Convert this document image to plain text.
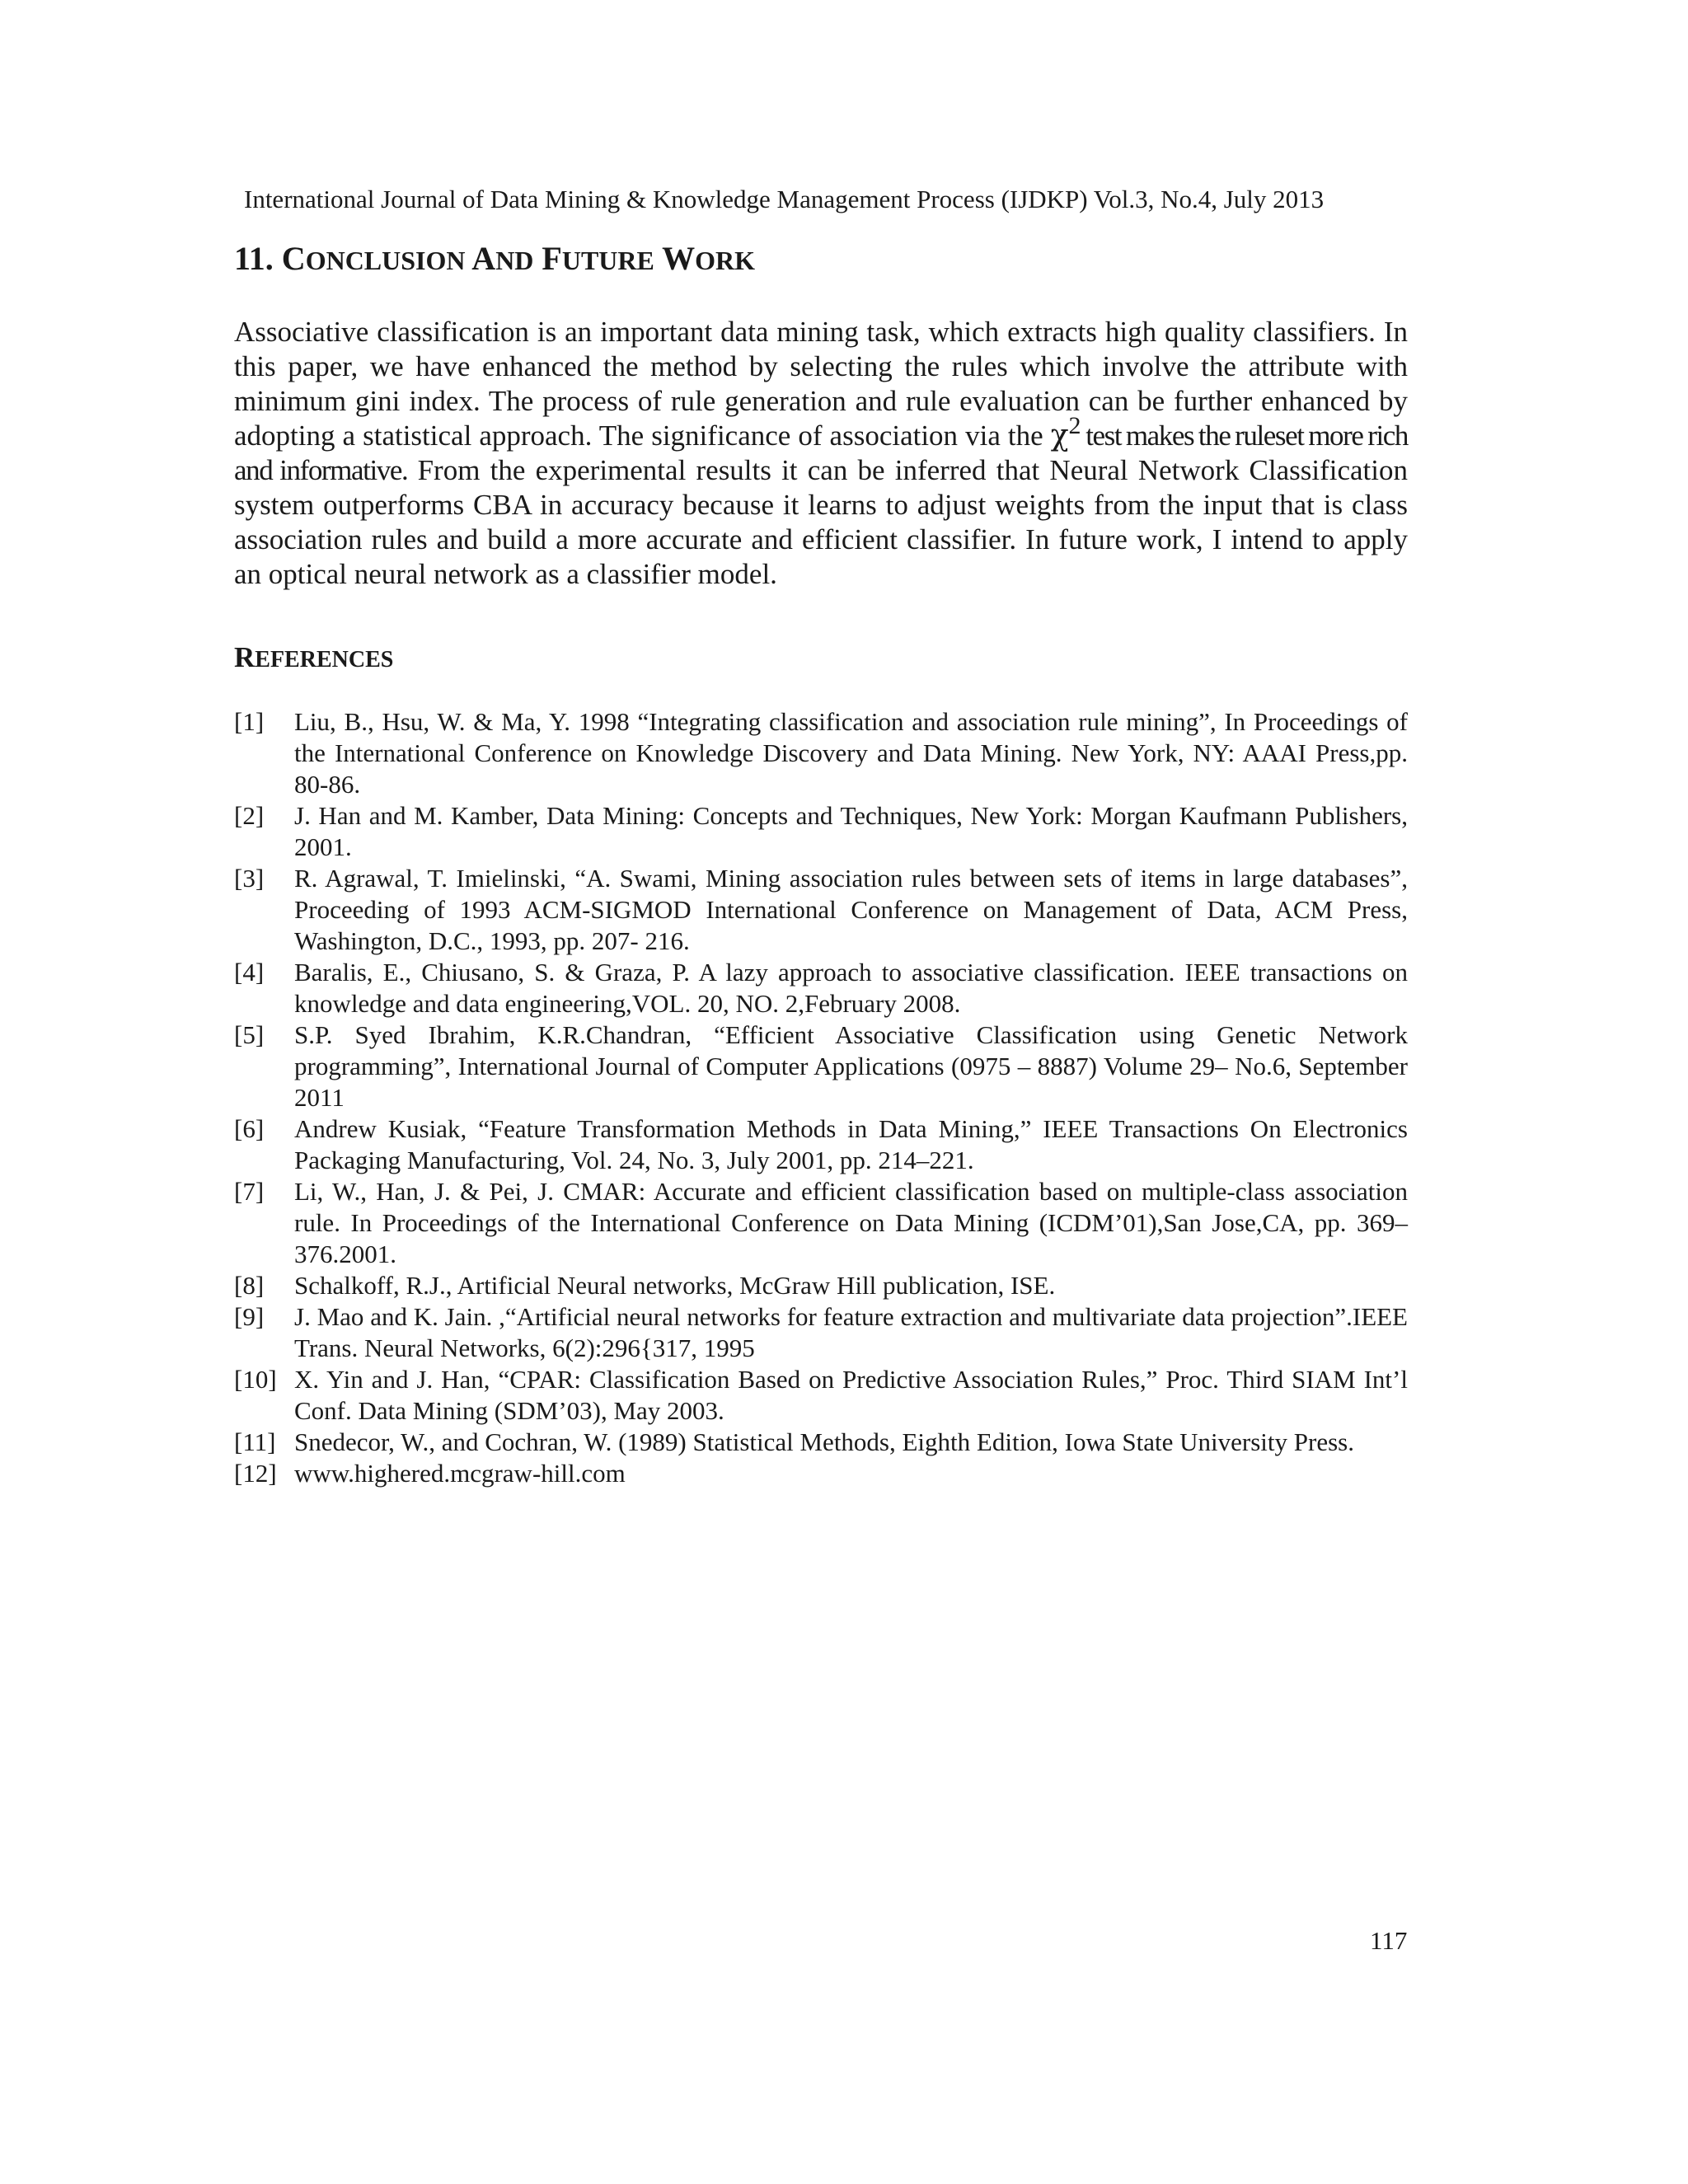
International Journal of Data Mining & Knowledge Management Process (IJDKP) Vol.3, No.4, July 2013
11. CONCLUSION AND FUTURE WORK

Associative classification is an important data mining task, which extracts high quality classifiers. In this paper, we have enhanced the method by selecting the rules which involve the attribute with minimum gini index. The process of rule generation and rule evaluation can be further enhanced by adopting a statistical approach. The significance of association via the χ2 test makes the ruleset more rich and informative. From the experimental results it can be inferred that Neural Network Classification system outperforms CBA in accuracy because it learns to adjust weights from the input that is class association rules and build a more accurate and efficient classifier. In future work, I intend to apply an optical neural network as a classifier model.

REFERENCES
[1]	Liu, B., Hsu, W. & Ma, Y. 1998 “Integrating classification and association rule mining”, In Proceedings of the International Conference on Knowledge Discovery and Data Mining. New York, NY: AAAI Press,pp. 80-86.
[2]	J. Han and M. Kamber, Data Mining: Concepts and Techniques, New York: Morgan Kaufmann Publishers, 2001.
[3]	R. Agrawal, T. Imielinski, “A. Swami, Mining association rules between sets of items in large databases”, Proceeding of 1993 ACM-SIGMOD International Conference on Management of Data, ACM Press, Washington, D.C., 1993, pp. 207- 216.
[4]	Baralis, E., Chiusano, S. & Graza, P. A lazy approach to associative classification. IEEE transactions on knowledge and data engineering,VOL. 20, NO. 2,February 2008.
[5]	S.P. Syed Ibrahim, K.R.Chandran, “Efficient Associative Classification using Genetic Network programming”, International Journal of Computer Applications (0975 – 8887) Volume 29– No.6, September 2011
[6]	Andrew Kusiak, “Feature Transformation Methods in Data Mining,” IEEE Transactions On Electronics Packaging Manufacturing, Vol. 24, No. 3, July 2001, pp. 214–221.
[7]	Li, W., Han, J. & Pei, J. CMAR: Accurate and efficient classification based on multiple-class association rule. In Proceedings of the International Conference on Data Mining (ICDM’01),San Jose,CA, pp. 369–376.2001.
[8]	Schalkoff, R.J., Artificial Neural networks, McGraw Hill publication, ISE.
[9]	J. Mao and K. Jain. ,“Artificial neural networks for feature extraction and multivariate data projection”.IEEE Trans. Neural Networks, 6(2):296{317, 1995
[10] X. Yin and J. Han, “CPAR: Classification Based on Predictive Association Rules,” Proc. Third SIAM Int’l Conf. Data Mining (SDM’03), May 2003.
[11] Snedecor, W., and Cochran, W. (1989) Statistical Methods, Eighth Edition, Iowa State University Press.
[12] www.highered.mcgraw-hill.com
117
